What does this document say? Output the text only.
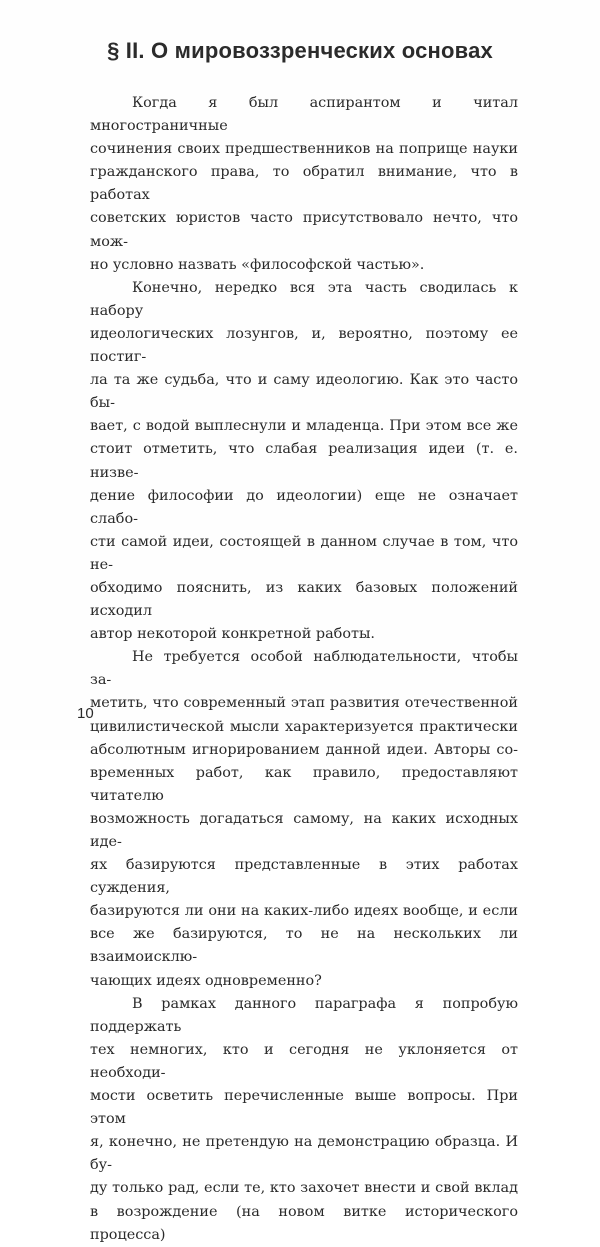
§ II. О мировоззренческих основах
Когда я был аспирантом и читал многостраничные
сочинения своих предшественников на поприще науки
гражданского права, то обратил внимание, что в работах
советских юристов часто присутствовало нечто, что мож-
но условно назвать «философской частью».
Конечно, нередко вся эта часть сводилась к набору
идеологических лозунгов, и, вероятно, поэтому ее постиг-
ла та же судьба, что и саму идеологию. Как это часто бы-
вает, с водой выплеснули и младенца. При этом все же
стоит отметить, что слабая реализация идеи (т. е. низве-
дение философии до идеологии) еще не означает слабо-
сти самой идеи, состоящей в данном случае в том, что не-
обходимо пояснить, из каких базовых положений исходил
автор некоторой конкретной работы.
Не требуется особой наблюдательности, чтобы за-
метить, что современный этап развития отечественной
цивилистической мысли характеризуется практически
абсолютным игнорированием данной идеи. Авторы со-
временных работ, как правило, предоставляют читателю
возможность догадаться самому, на каких исходных иде-
ях базируются представленные в этих работах суждения,
базируются ли они на каких-либо идеях вообще, и если
все же базируются, то не на нескольких ли взаимоисклю-
чающих идеях одновременно?
В рамках данного параграфа я попробую поддержать
тех немногих, кто и сегодня не уклоняется от необходи-
мости осветить перечисленные выше вопросы. При этом
я, конечно, не претендую на демонстрацию образца. И бу-
ду только рад, если те, кто захочет внести и свой вклад
в возрождение (на новом витке исторического процесса)
10
